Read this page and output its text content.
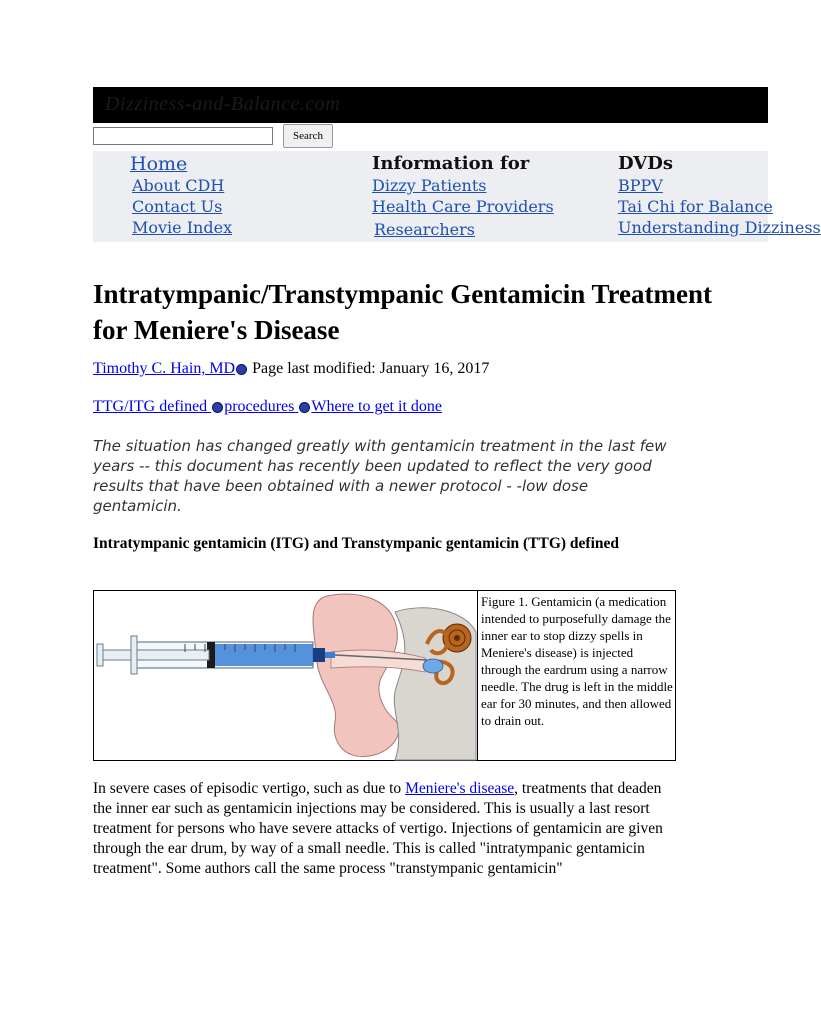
Dizziness-and-Balance.com
Search
Home
About CDH
Contact Us
Movie Index
Information for
Dizzy Patients
Health Care Providers
Researchers
DVDs
BPPV
Tai Chi for Balance
Understanding Dizziness
Intratympanic/Transtympanic Gentamicin Treatment for Meniere's Disease
Timothy C. Hain, MD Page last modified: January 16, 2017
TTG/ITG defined procedures Where to get it done

The situation has changed greatly with gentamicin treatment in the last few years -- this document has recently been updated to reflect the very good results that have been obtained with a newer protocol - -low dose gentamicin.

Intratympanic gentamicin (ITG) and Transtympanic gentamicin (TTG) defined

Figure 1. Gentamicin (a medication intended to purposefully damage the inner ear to stop dizzy spells in Meniere's disease) is injected through the eardrum using a narrow needle. The drug is left in the middle ear for 30 minutes, and then allowed to drain out.

In severe cases of episodic vertigo, such as due to Meniere's disease, treatments that deaden the inner ear such as gentamicin injections may be considered. This is usually a last resort treatment for persons who have severe attacks of vertigo. Injections of gentamicin are given through the ear drum, by way of a small needle. This is called "intratympanic gentamicin treatment". Some authors call the same process "transtympanic gentamicin"
